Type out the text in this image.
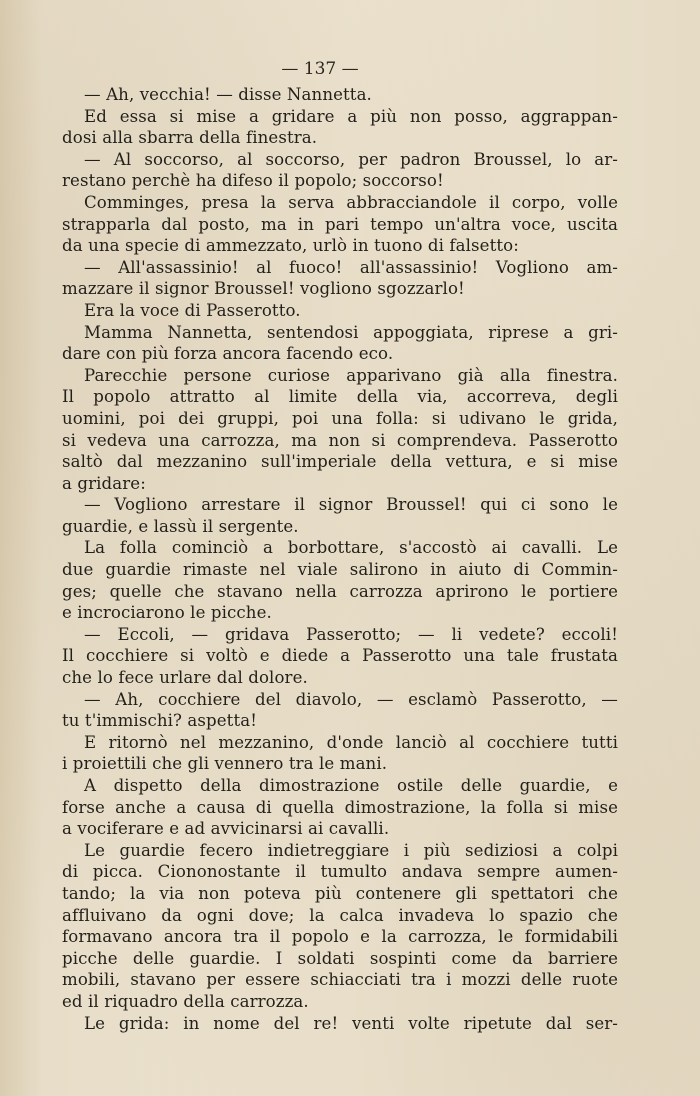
— 137 —
— Ah, vecchia! — disse Nannetta.
Ed essa si mise a gridare a più non posso, aggrappan-
dosi alla sbarra della finestra.
— Al soccorso, al soccorso, per padron Broussel, lo ar-
restano perchè ha difeso il popolo; soccorso!
Comminges, presa la serva abbracciandole il corpo, volle
strapparla dal posto, ma in pari tempo un'altra voce, uscita
da una specie di ammezzato, urlò in tuono di falsetto:
— All'assassinio! al fuoco! all'assassinio! Vogliono am-
mazzare il signor Broussel! vogliono sgozzarlo!
Era la voce di Passerotto.
Mamma Nannetta, sentendosi appoggiata, riprese a gri-
dare con più forza ancora facendo eco.
Parecchie persone curiose apparivano già alla finestra.
Il popolo attratto al limite della via, accorreva, degli
uomini, poi dei gruppi, poi una folla: si udivano le grida,
si vedeva una carrozza, ma non si comprendeva. Passerotto
saltò dal mezzanino sull'imperiale della vettura, e si mise
a gridare:
— Vogliono arrestare il signor Broussel! qui ci sono le
guardie, e lassù il sergente.
La folla cominciò a borbottare, s'accostò ai cavalli. Le
due guardie rimaste nel viale salirono in aiuto di Commin-
ges; quelle che stavano nella carrozza aprirono le portiere
e incrociarono le picche.
— Eccoli, — gridava Passerotto; — li vedete? eccoli!
Il cocchiere si voltò e diede a Passerotto una tale frustata
che lo fece urlare dal dolore.
— Ah, cocchiere del diavolo, — esclamò Passerotto, —
tu t'immischi? aspetta!
E ritornò nel mezzanino, d'onde lanciò al cocchiere tutti
i proiettili che gli vennero tra le mani.
A dispetto della dimostrazione ostile delle guardie, e
forse anche a causa di quella dimostrazione, la folla si mise
a vociferare e ad avvicinarsi ai cavalli.
Le guardie fecero indietreggiare i più sediziosi a colpi
di picca. Ciononostante il tumulto andava sempre aumen-
tando; la via non poteva più contenere gli spettatori che
affluivano da ogni dove; la calca invadeva lo spazio che
formavano ancora tra il popolo e la carrozza, le formidabili
picche delle guardie. I soldati sospinti come da barriere
mobili, stavano per essere schiacciati tra i mozzi delle ruote
ed il riquadro della carrozza.
Le grida: in nome del re! venti volte ripetute dal ser-
